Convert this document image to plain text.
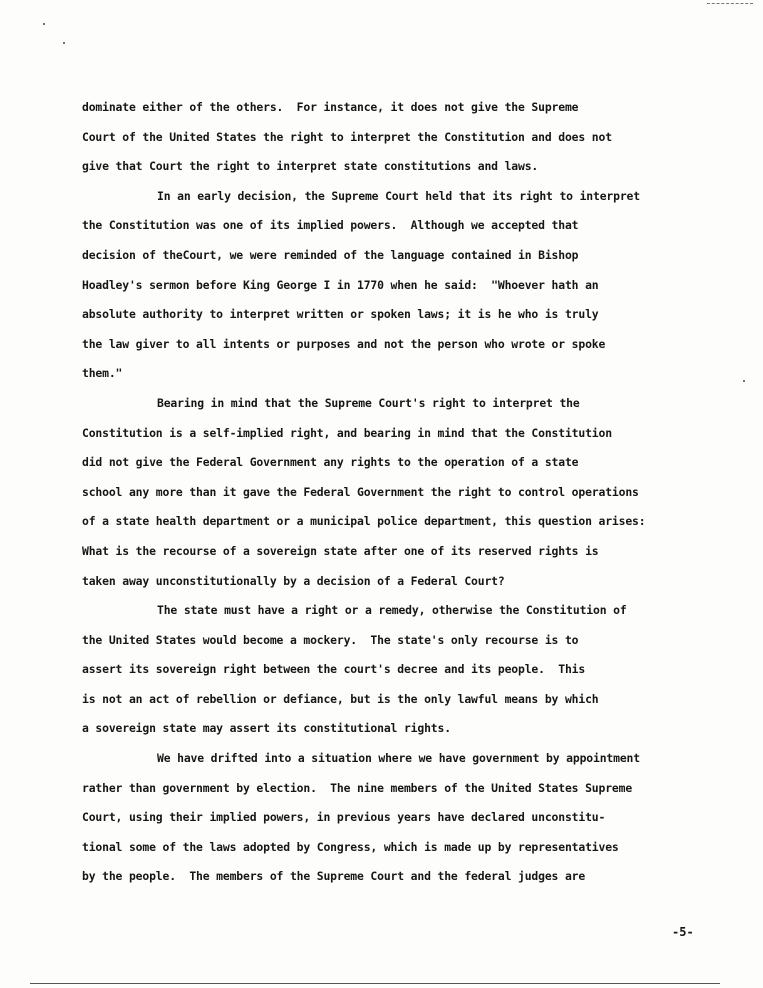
dominate either of the others.  For instance, it does not give the Supreme
Court of the United States the right to interpret the Constitution and does not
give that Court the right to interpret state constitutions and laws.
In an early decision, the Supreme Court held that its right to interpret
the Constitution was one of its implied powers.  Although we accepted that
decision of theCourt, we were reminded of the language contained in Bishop
Hoadley's sermon before King George I in 1770 when he said:  "Whoever hath an
absolute authority to interpret written or spoken laws; it is he who is truly
the law giver to all intents or purposes and not the person who wrote or spoke
them."
Bearing in mind that the Supreme Court's right to interpret the
Constitution is a self-implied right, and bearing in mind that the Constitution
did not give the Federal Government any rights to the operation of a state
school any more than it gave the Federal Government the right to control operations
of a state health department or a municipal police department, this question arises:
What is the recourse of a sovereign state after one of its reserved rights is
taken away unconstitutionally by a decision of a Federal Court?
The state must have a right or a remedy, otherwise the Constitution of
the United States would become a mockery.  The state's only recourse is to
assert its sovereign right between the court's decree and its people.  This
is not an act of rebellion or defiance, but is the only lawful means by which
a sovereign state may assert its constitutional rights.
We have drifted into a situation where we have government by appointment
rather than government by election.  The nine members of the United States Supreme
Court, using their implied powers, in previous years have declared unconstitu-
tional some of the laws adopted by Congress, which is made up by representatives
by the people.  The members of the Supreme Court and the federal judges are
-5-
